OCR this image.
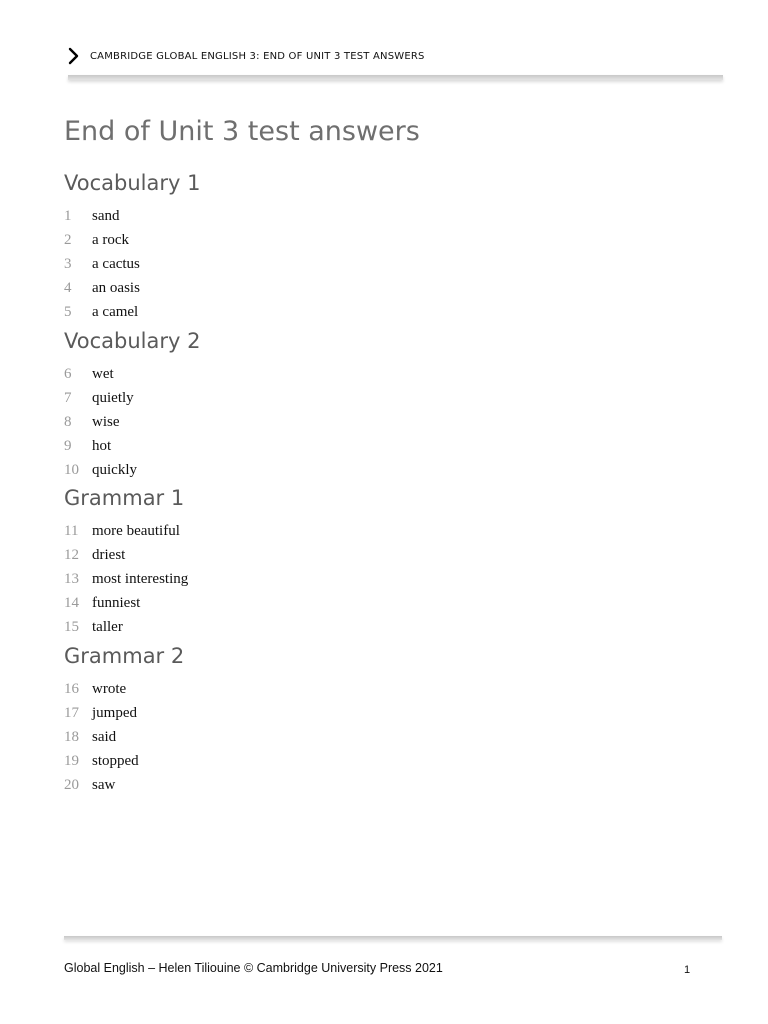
CAMBRIDGE GLOBAL ENGLISH 3: END OF UNIT 3 TEST ANSWERS
End of Unit 3 test answers
Vocabulary 1
1	sand
2	a rock
3	a cactus
4	an oasis
5	a camel
Vocabulary 2
6	wet
7	quietly
8	wise
9	hot
10 quickly
Grammar 1
11 more beautiful
12 driest
13 most interesting
14 funniest
15 taller
Grammar 2
16 wrote
17 jumped
18 said
19 stopped
20 saw
Global English – Helen Tiliouine © Cambridge University Press 2021	1
